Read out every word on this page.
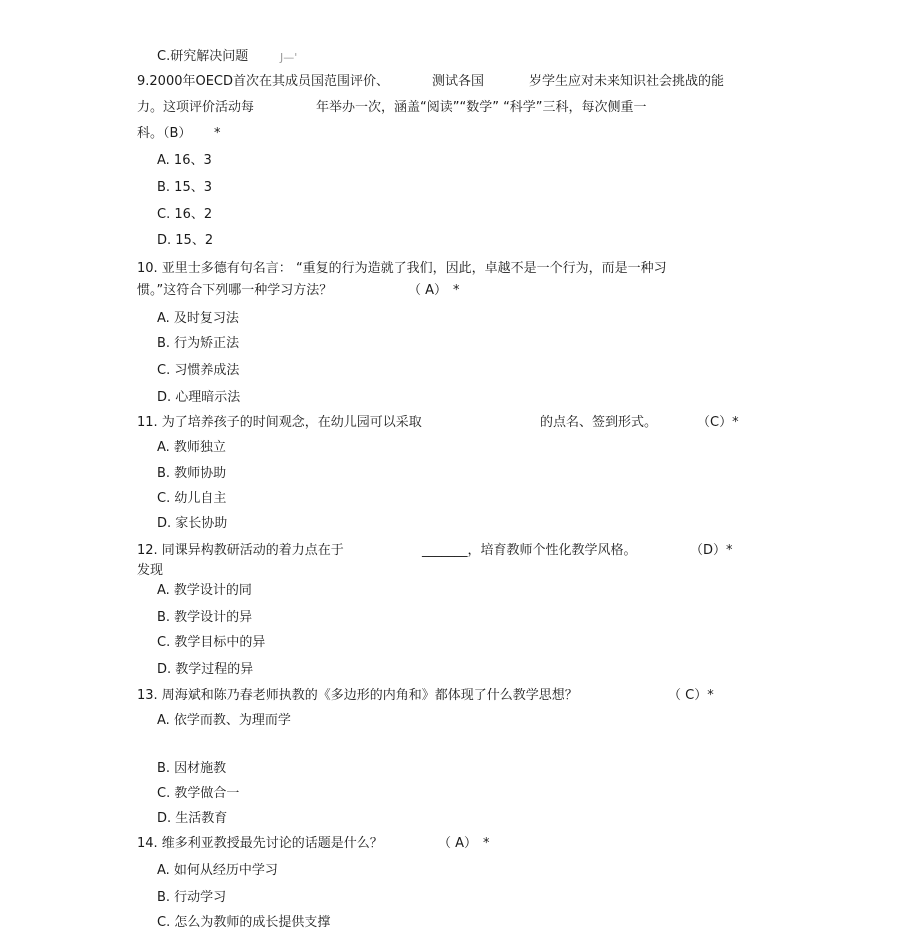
C.研究解决问题	J—'
9.2000年OECD首次在其成员国范围评价、	测试各国	岁学生应对未来知识社会挑战的能
力。这项评价活动每	年举办一次，涵盖“阅读”“数学” “科学”三科，每次侧重一
科。（B） *
A. 16、3
B. 15、3
C. 16、2
D. 15、2
10. 亚里士多德有句名言： “重复的行为造就了我们，因此，卓越不是一个行为，而是一种习
惯。”这符合下列哪一种学习方法？	（ A） *
A. 及时复习法
B. 行为矫正法
C. 习惯养成法
D. 心理暗示法
11. 为了培养孩子的时间观念，在幼儿园可以采取	的点名、签到形式。	（C）*
A. 教师独立
B. 教师协助
C. 幼儿自主
D. 家长协助
12. 同课异构教研活动的着力点在于	_______，培育教师个性化教学风格。	（D）*
发现
A. 教学设计的同
B. 教学设计的异
C. 教学目标中的异
D. 教学过程的异
13. 周海斌和陈乃春老师执教的《多边形的内角和》都体现了什么教学思想？	（ C）*
A. 依学而教、为理而学
B. 因材施教
C. 教学做合一
D. 生活教育
14. 维多利亚教授最先讨论的话题是什么？	（ A） *
A. 如何从经历中学习
B. 行动学习
C. 怎么为教师的成长提供支撑
